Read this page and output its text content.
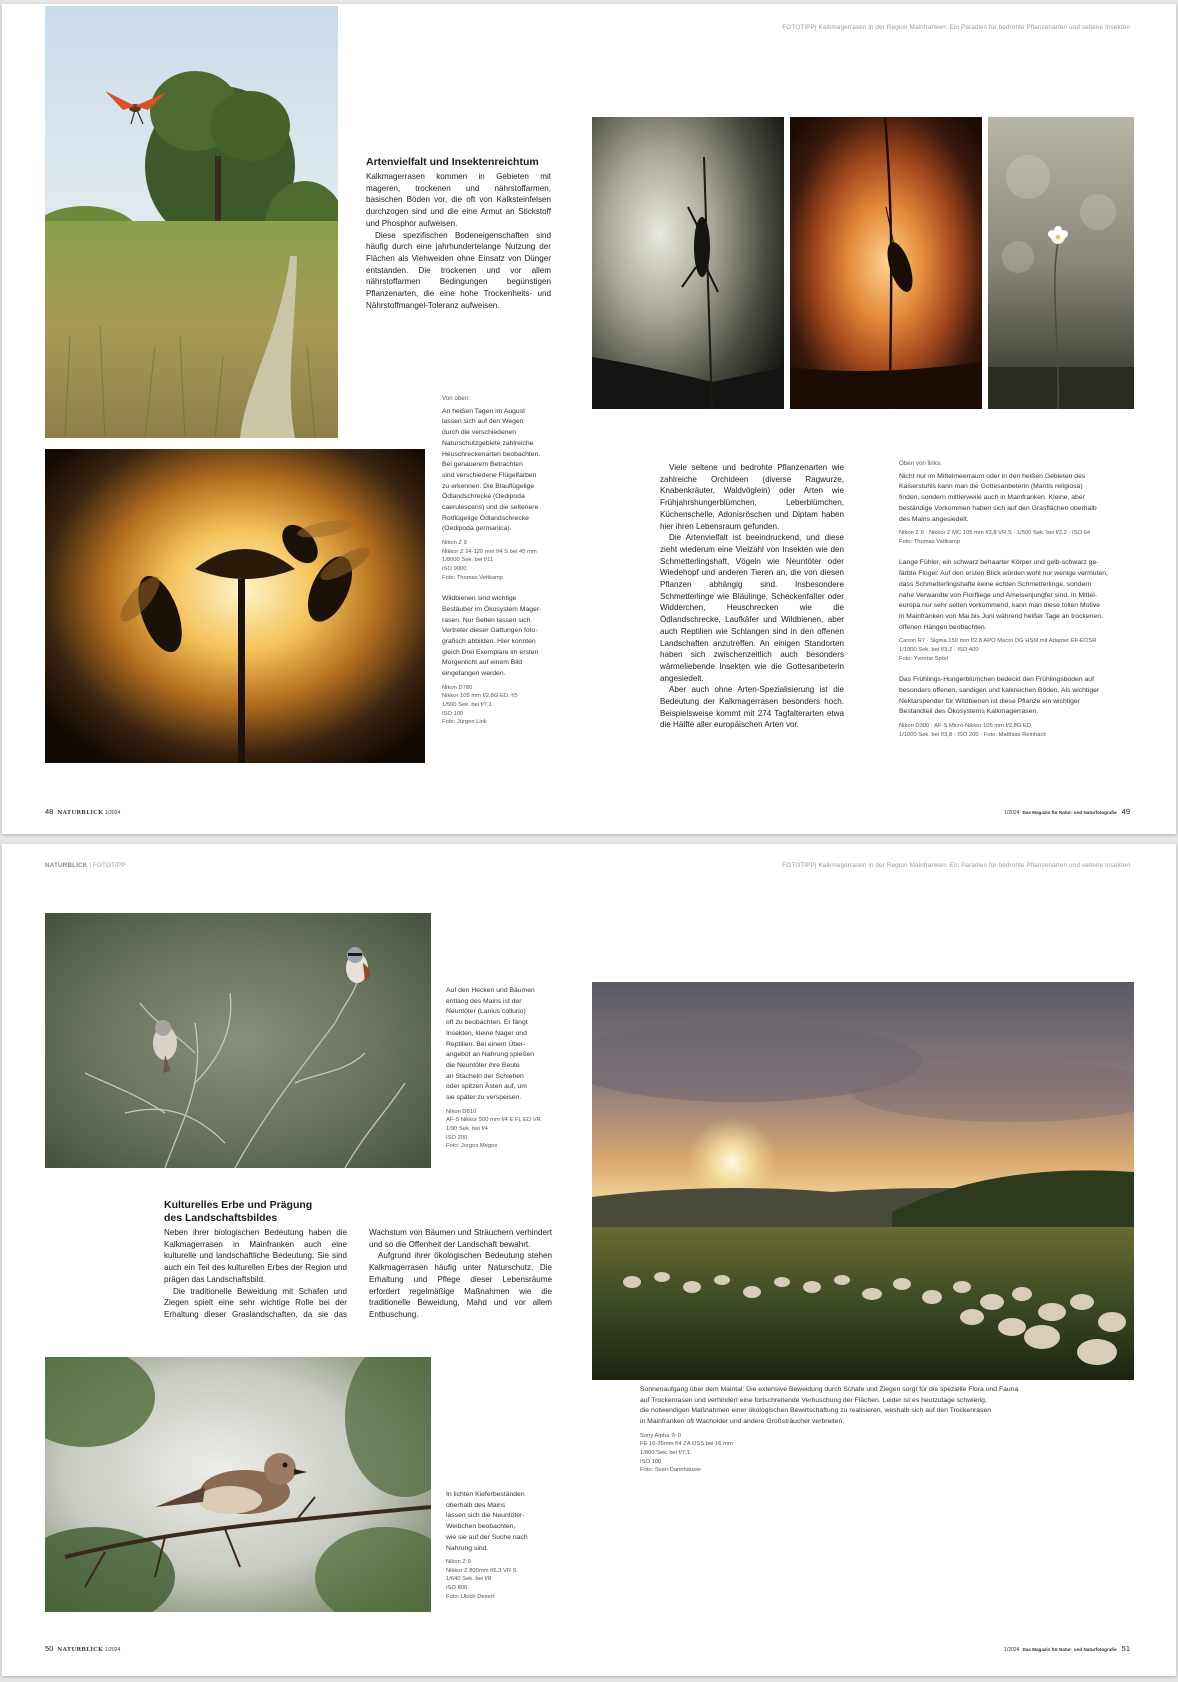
FOTOTIPP| Kalkmagerrasen in der Region Mainfranken: Ein Paradies für bedrohte Pflanzenarten und seltene Insekten
Artenvielfalt und Insektenreichtum

Kalkmagerrasen kommen in Gebieten mit mageren, trockenen und nährstoffarmen, basischen Böden vor, die oft von Kalksteinfelsen durchzogen sind und die eine Armut an Stickstoff und Phosphor aufweisen.

Diese spezifischen Bodeneigenschaften sind häufig durch eine jahrhundertelange Nutzung der Flächen als Viehweiden ohne Einsatz von Dünger entstanden. Die trockenen und vor allem nährstoffarmen Bedingungen begünstigen Pflanzenarten, die eine hohe Trockenheits- und Nährstoffmangel-Toleranz aufweisen.

Von oben:
An heißen Tagen im August
lassen sich auf den Wegen
durch die verschiedenen
Naturschutzgebiete zahlreiche
Heuschreckenarten beobachten.
Bei genauerem Betrachten
sind verschiedene Flügelfarben
zu erkennen: Die Blauflügelige
Ödlandschrecke (Oedipoda
caerulescens) und die seltenere
Rotflügelige Ödlandschrecke
(Oedipoda germanica).
Nikon Z 9
Nikkor Z 24-120 mm f/4 S bei 45 mm
1/8000 Sek. bei f/11
ISO 9000
Foto: Thomas Veltkamp
Wildbienen sind wichtige
Bestäuber im Ökosystem Mager-
rasen. Nur Selten lassen sich
Vertreter dieser Gattungen foto-
grafisch abbilden. Hier konnten
gleich Drei Exemplare im ersten
Morgenlicht auf einem Bild
eingefangen werden.
Nikon D780
Nikkor 105 mm f/2,8G ED, f/5
1/500 Sek. bei f/7,1
ISO 100
Foto: Jürgen Link

Viele seltene und bedrohte Pflanzenarten wie zahlreiche Orchideen (diverse Ragwurze, Knabenkräuter, Waldvöglein) oder Arten wie Frühjahrshungerblümchen, Leberblümchen, Küchenschelle, Adonisröschen und Diptam haben hier ihren Lebensraum gefunden.

Die Artenvielfalt ist beeindruckend, und diese zieht wiederum eine Vielzahl von Insekten wie den Schmetterlingshaft, Vögeln wie Neuntöter oder Wiedehopf und anderen Tieren an, die von diesen Pflanzen abhängig sind. Insbesondere Schmetterlinge wie Bläulinge, Scheckenfalter oder Widderchen, Heuschrecken wie die Ödlandschrecke, Laufkäfer und Wildbienen, aber auch Reptilien wie Schlangen sind in den offenen Landschaften anzutreffen. An einigen Standorten haben sich zwischenzeitlich auch besonders wärmeliebende Insekten wie die Gottesanbeterin angesiedelt.

Aber auch ohne Arten-Spezialisierung ist die Bedeutung der Kalkmagerrasen besonders hoch. Beispielsweise kommt mit 274 Tagfalterarten etwa die Hälfte aller europäischen Arten vor.

Oben von links:
Nicht nur im Mittelmeerraum oder in den heißen Gebieten des
Kaiserstuhls kann man die Gottesanbeterin (Mantis religiosa)
finden, sondern mittlerweile auch in Mainfranken. Kleine, aber
beständige Vorkommen haben sich auf den Grasflächen oberhalb
des Mains angesiedelt.
Nikon Z 9 · Nikkor Z MC 105 mm f/2,8 VR S · 1/500 Sek. bei f/3,2 · ISO 64
Foto: Thomas Veltkamp
Lange Fühler, ein schwarz behaarter Körper und gelb-schwarz ge-
färbte Flügel: Auf den ersten Blick würden wohl nur wenige vermuten,
dass Schmetterlingshafte keine echten Schmetterlinge, sondern
nahe Verwandte von Florfliege und Ameisenjungfer sind. In Mittel-
europa nur sehr selten vorkommend, kann man diese tollen Motive
in Mainfranken von Mai bis Juni während heißer Tage an trockenen,
offenen Hängen beobachten.
Canon R7 · Sigma 150 mm f/2,8 APO Macro DG HSM mit Adapter EF-EOSR
1/1000 Sek. bei f/3,2 · ISO 400
Foto: Yvonne Spörl
Das Frühlings-Hungerblümchen bedeckt den Frühlingsboden auf
besonders offenen, sandigen und kalkreichen Böden. Als wichtiger
Nektarspender für Wildbienen ist diese Pflanze ein wichtiger
Bestandteil des Ökosystems Kalkmagerrasen.
Nikon D300 · AF-S Micro-Nikkor 105 mm f/2,8G ED
1/1000 Sek. bei f/3,8 · ISO 200 · Foto: Matthias Reinhard
48 NATURBLICK 1/2024	1/2024 Das Magazin für Natur- und Naturfotografie 49
NATURBLICK | FOTOTIPP	FOTOTIPP| Kalkmagerrasen in der Region Mainfranken: Ein Paradies für bedrohte Pflanzenarten und seltene Insekten
Auf den Hecken und Bäumen
entlang des Mains ist der
Neuntöter (Lanius collurio)
oft zu beobachten. Er fängt
Insekten, kleine Nager und
Reptilien. Bei einem Über-
angebot an Nahrung spießen
die Neuntöter ihre Beute
an Stacheln der Schlehen
oder spitzen Ästen auf, um
sie später zu verspeisen.
Nikon D810
AF-S Nikkor 500 mm f/4 E FL ED VR
1/90 Sek. bei f/4
ISO 200
Foto: Jorgos Megos
Kulturelles Erbe und Prägung
des Landschaftsbildes

Neben ihrer biologischen Bedeutung haben die Kalkmagerrasen in Mainfranken auch eine kulturelle und landschaftliche Bedeutung. Sie sind auch ein Teil des kulturellen Erbes der Region und prägen das Landschaftsbild.

Die traditionelle Beweidung mit Schafen und Ziegen spielt eine sehr wichtige Rolle bei der Erhaltung dieser Graslandschaften, da sie das Wachstum von Bäumen und Sträuchern verhindert und so die Offenheit der Landschaft bewahrt.

Aufgrund ihrer ökologischen Bedeutung stehen Kalkmagerrasen häufig unter Naturschutz. Die Erhaltung und Pflege dieser Lebensräume erfordert regelmäßige Maßnahmen wie die traditionelle Beweidung, Mahd und vor allem Entbuschung.

Sonnenaufgang über dem Maintal: Die extensive Beweidung durch Schafe und Ziegen sorgt für die spezielle Flora und Fauna
auf Trockenrasen und verhindert eine fortschreitende Verbuschung der Flächen. Leider ist es heutzutage schwierig,
die notwendigen Maßnahmen einer ökologischen Bewirtschaftung zu realisieren, weshalb sich auf den Trockenrasen
in Mainfranken oft Wacholder und andere Großsträucher verbreiten.
Sony Alpha 7r II
FE 16-35mm f/4 ZA OSS bei 16 mm
1/800 Sek. bei f/7,1
ISO 100
Foto: Sven Dannhäuser
In lichten Kieferbeständen
oberhalb des Mains
lassen sich die Neuntöter-
Weibchen beobachten,
wie sie auf der Suche nach
Nahrung sind.
Nikon Z 9
Nikkor Z 800mm f/6.3 VR S
1/640 Sek. bei f/8
ISO 800
Foto: Ulrich Desert
50 NATURBLICK 1/2024	1/2024 Das Magazin für Natur- und Naturfotografie 51
